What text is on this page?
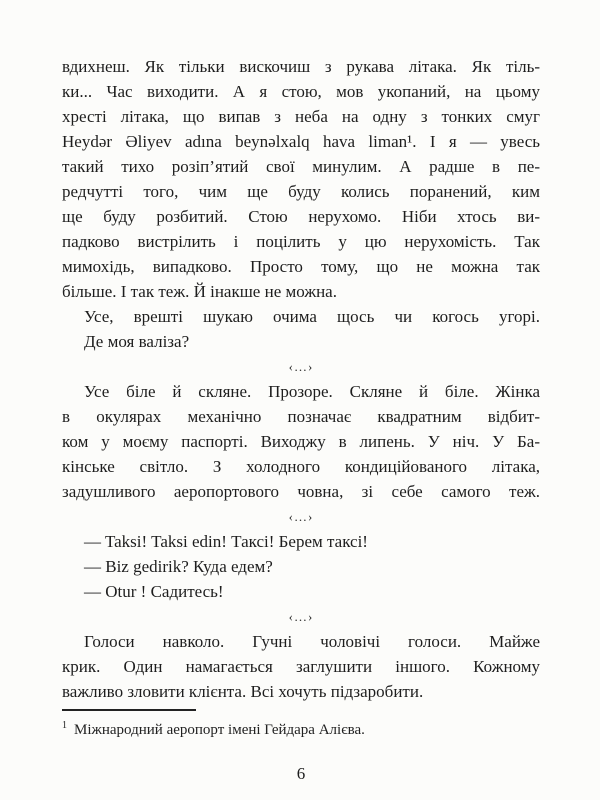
вдихнеш. Як тільки вискочиш з рукава літака. Як тіль-
ки... Час виходити. А я стою, мов укопаний, на цьому
хресті літака, що випав з неба на одну з тонких смуг
Heydər Əliyev adına beynəlxalq hava liman¹. І я — увесь
такий тихо розіп’ятий свої минулим. А радше в пе-
редчутті того, чим ще буду колись поранений, ким
ще буду розбитий. Стою нерухомо. Ніби хтось ви-
падково вистрілить і поцілить у цю нерухомість. Так
мимохідь, випадково. Просто тому, що не можна так
більше. І так теж. Й інакше не можна.
Усе, врешті шукаю очима щось чи когось угорі.
Де моя валіза?
‹…›
Усе біле й скляне. Прозоре. Скляне й біле. Жінка
в окулярах механічно позначає квадратним відбит-
ком у моєму паспорті. Виходжу в липень. У ніч. У Ба-
кінське світло. З холодного кондиційованого літака,
задушливого аеропортового човна, зі себе самого теж.
‹…›
— Taksi! Taksi edin! Таксі! Берем таксі!
— Biz gedirik? Куда едем?
— Otur ! Садитесь!
‹…›
Голоси навколо. Гучні чоловічі голоси. Майже
крик. Один намагається заглушити іншого. Кожному
важливо зловити клієнта. Всі хочуть підзаробити.
$^1$ Міжнародний аеропорт імені Гейдара Алієва.
6
